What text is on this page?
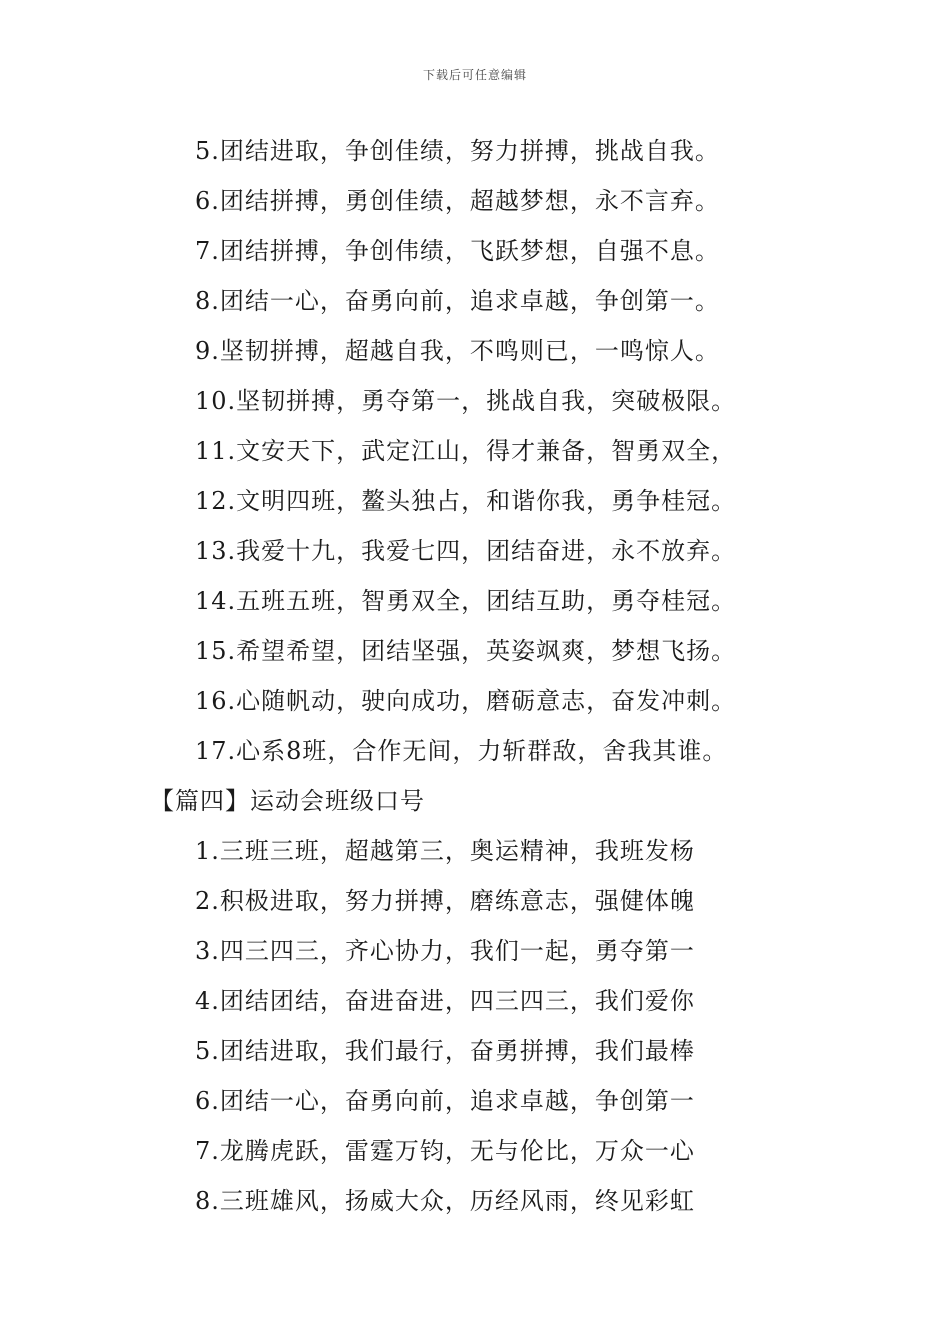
下载后可任意编辑
5.团结进取，争创佳绩，努力拼搏，挑战自我。
6.团结拼搏，勇创佳绩，超越梦想，永不言弃。
7.团结拼搏，争创伟绩，飞跃梦想，自强不息。
8.团结一心，奋勇向前，追求卓越，争创第一。
9.坚韧拼搏，超越自我，不鸣则已，一鸣惊人。
10.坚韧拼搏，勇夺第一，挑战自我，突破极限。
11.文安天下，武定江山，得才兼备，智勇双全，
12.文明四班，鳌头独占，和谐你我，勇争桂冠。
13.我爱十九，我爱七四，团结奋进，永不放弃。
14.五班五班，智勇双全，团结互助，勇夺桂冠。
15.希望希望，团结坚强，英姿飒爽，梦想飞扬。
16.心随帆动，驶向成功，磨砺意志，奋发冲刺。
17.心系8班，合作无间，力斩群敌，舍我其谁。
【篇四】运动会班级口号
1.三班三班，超越第三，奥运精神，我班发杨
2.积极进取，努力拼搏，磨练意志，强健体魄
3.四三四三，齐心协力，我们一起，勇夺第一
4.团结团结，奋进奋进，四三四三，我们爱你
5.团结进取，我们最行，奋勇拼搏，我们最棒
6.团结一心，奋勇向前，追求卓越，争创第一
7.龙腾虎跃，雷霆万钧，无与伦比，万众一心
8.三班雄风，扬威大众，历经风雨，终见彩虹
